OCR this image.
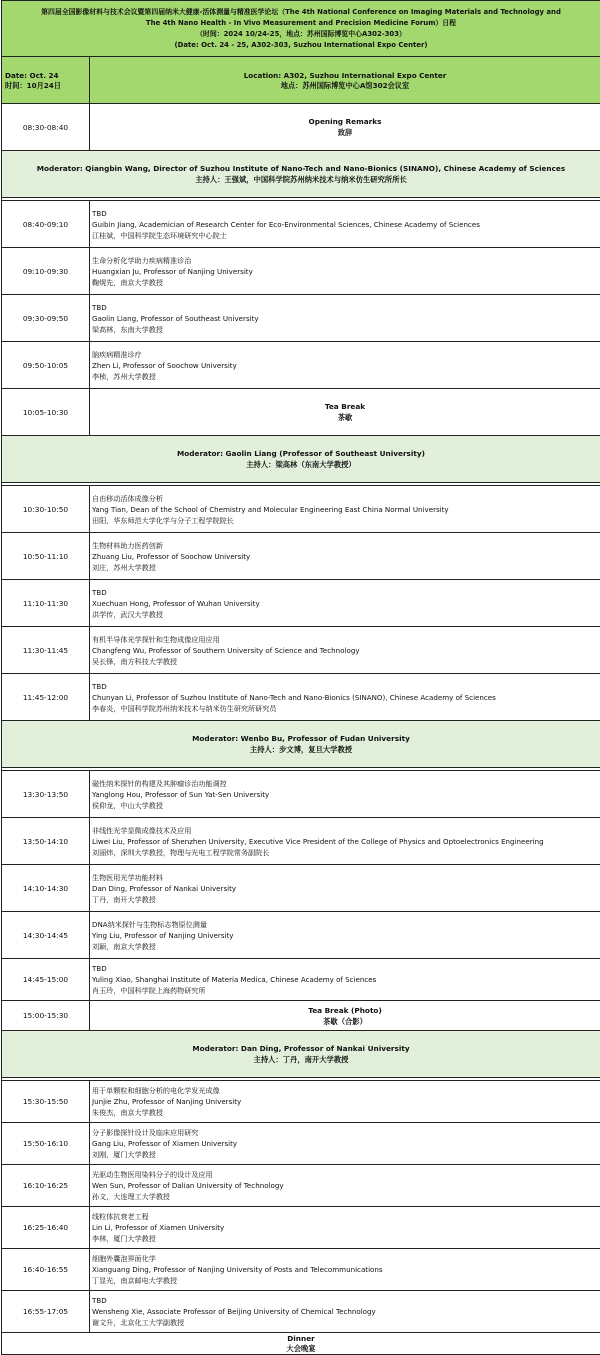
第四届全国影像材料与技术会议暨第四届纳米大健康-活体测量与精准医学论坛（The 4th National Conference on Imaging Materials and Technology and
The 4th Nano Health - In Vivo Measurement and Precision Medicine Forum）日程
（时间：2024 10/24-25，地点：苏州国际博览中心A302-303）
(Date: Oct. 24 - 25, A302-303, Suzhou International Expo Center)
Date: Oct. 24
时间：10月24日
Location: A302, Suzhou International Expo Center
地点：苏州国际博览中心A馆302会议室
08:30-08:40
Opening Remarks
致辞
Moderator: Qiangbin Wang, Director of Suzhou Institute of Nano-Tech and Nano-Bionics (SINANO), Chinese Academy of Sciences
主持人：王强斌，中国科学院苏州纳米技术与纳米仿生研究所所长
08:40-09:10
TBD
Guibin Jiang, Academician of Research Center for Eco-Environmental Sciences, Chinese Academy of Sciences
江桂斌，中国科学院生态环境研究中心院士
09:10-09:30
生命分析化学助力疾病精准诊治
Huangxian Ju, Professor of Nanjing University
鞠熀先，南京大学教授
09:30-09:50
TBD
Gaolin Liang, Professor of Southeast University
梁高林，东南大学教授
09:50-10:05
脑疾病精准诊疗
Zhen Li, Professor of Soochow University
李桢，苏州大学教授
10:05-10:30
Tea Break
茶歇
Moderator: Gaolin Liang (Professor of Southeast University)
主持人：梁高林（东南大学教授）
10:30-10:50
自由移动活体成像分析
Yang Tian, Dean of the School of Chemistry and Molecular Engineering East China Normal University
田阳，华东师范大学化学与分子工程学院院长
10:50-11:10
生物材料助力医药创新
Zhuang Liu, Professor of Soochow University
刘庄，苏州大学教授
11:10-11:30
TBD
Xuechuan Hong, Professor of Wuhan University
洪学传，武汉大学教授
11:30-11:45
有机半导体光学探针和生物成像应用应用
Changfeng Wu, Professor of Southern University of Science and Technology
吴长锋，南方科技大学教授
11:45-12:00
TBD
Chunyan Li, Professor of Suzhou Institute of Nano-Tech and Nano-Bionics (SINANO), Chinese Academy of Sciences
李春炎，中国科学院苏州纳米技术与纳米仿生研究所研究员
Moderator: Wenbo Bu, Professor of Fudan University
主持人：步文博，复旦大学教授
13:30-13:50
磁性纳米探针的构建及其肿瘤诊治功能调控
Yanglong Hou, Professor of Sun Yat-Sen University
侯仰龙，中山大学教授
13:50-14:10
非线性光学显微成像技术及应用
Liwei Liu, Professor of Shenzhen University, Executive Vice President of the College of Physics and Optoelectronics Engineering
刘丽炜，深圳大学教授，物理与光电工程学院常务副院长
14:10-14:30
生物医用光学功能材料
Dan Ding, Professor of Nankai University
丁丹，南开大学教授
14:30-14:45
DNA纳米探针与生物标志物原位测量
Ying Liu, Professor of Nanjing University
刘颖，南京大学教授
14:45-15:00
TBD
Yuling Xiao, Shanghai Institute of Materia Medica, Chinese Academy of Sciences
肖玉玲，中国科学院上海药物研究所
15:00-15:30
Tea Break (Photo)
茶歇（合影）
Moderator: Dan Ding, Professor of Nankai University
主持人：丁丹，南开大学教授
15:30-15:50
用于单颗粒和细胞分析的电化学发光成像
Junjie Zhu, Professor of Nanjing University
朱俊杰，南京大学教授
15:50-16:10
分子影像探针设计及临床应用研究
Gang Liu, Professor of Xiamen University
刘刚，厦门大学教授
16:10-16:25
光驱动生物医用染料分子的设计及应用
Wen Sun, Professor of Dalian University of Technology
孙文，大连理工大学教授
16:25-16:40
线粒体抗衰老工程
Lin Li, Professor of Xiamen University
李林，厦门大学教授
16:40-16:55
细胞外囊泡界面化学
Xianguang Ding, Professor of Nanjing University of Posts and Telecommunications
丁显光，南京邮电大学教授
16:55-17:05
TBD
Wensheng Xie, Associate Professor of Beijing University of Chemical Technology
谢文升，北京化工大学副教授
Dinner
大会晚宴
